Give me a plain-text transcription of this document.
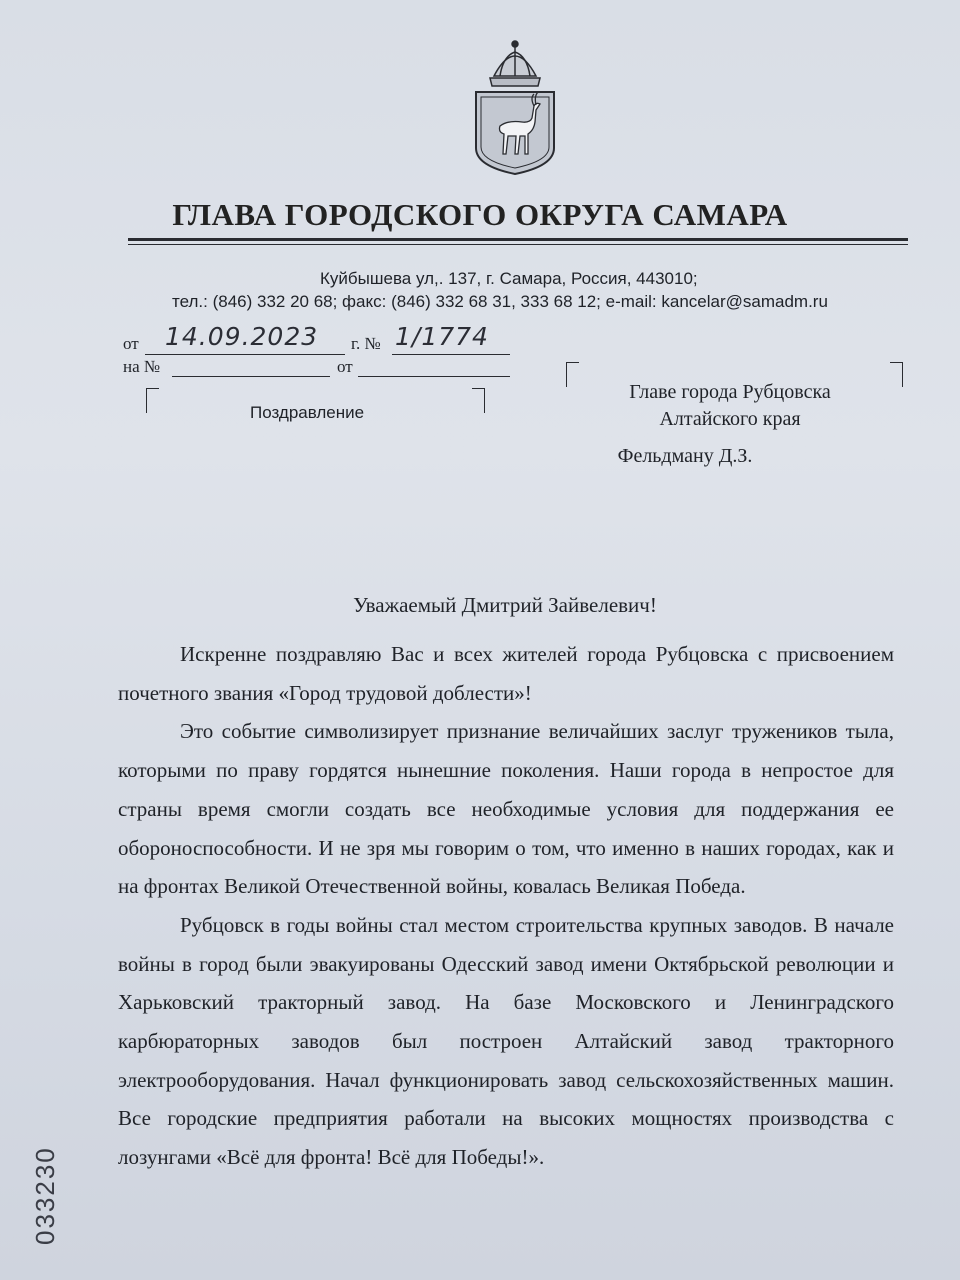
ГЛАВА ГОРОДСКОГО ОКРУГА САМАРА
Куйбышева ул,. 137, г. Самара, Россия, 443010;
тел.: (846) 332 20 68; факс: (846) 332 68 31, 333 68 12; e-mail: kancelar@samadm.ru
от 14.09.2023 г. № 1/1774
на №	от
Поздравление
Главе города Рубцовска
Алтайского края
Фельдману Д.З.
Уважаемый Дмитрий Зайвелевич!

Искренне поздравляю Вас и всех жителей города Рубцовска с присвоением почетного звания «Город трудовой доблести»!

Это событие символизирует признание величайших заслуг тружеников тыла, которыми по праву гордятся нынешние поколения. Наши города в непростое для страны время смогли создать все необходимые условия для поддержания ее обороноспособности. И не зря мы говорим о том, что именно в наших городах, как и на фронтах Великой Отечественной войны, ковалась Великая Победа.

Рубцовск в годы войны стал местом строительства крупных заводов. В начале войны в город были эвакуированы Одесский завод имени Октябрьской революции и Харьковский тракторный завод. На базе Московского и Ленинградского карбюраторных заводов был построен Алтайский завод тракторного электрооборудования. Начал функционировать завод сельскохозяйственных машин. Все городские предприятия работали на высоких мощностях производства с лозунгами «Всё для фронта! Всё для Победы!».

033230
